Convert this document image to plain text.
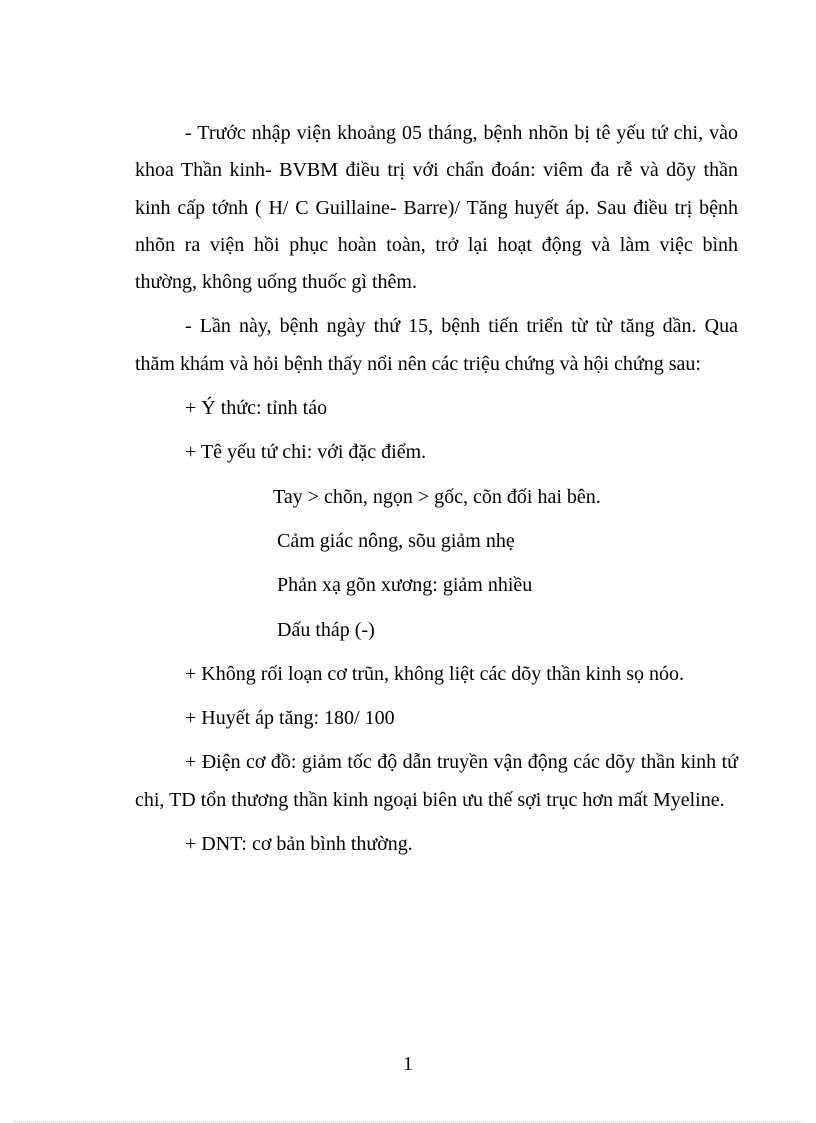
- Trước nhập viện khoảng 05 tháng, bệnh nhõn bị tê yếu tứ chi, vào khoa Thần kinh- BVBM điều trị với chẩn đoán: viêm đa rễ và dõy thần kinh cấp tớnh ( H/ C Guillaine- Barre)/ Tăng huyết áp. Sau điều trị bệnh nhõn ra viện hồi phục hoàn toàn, trở lại hoạt động và làm việc bình thường, không uống thuốc gì thêm.

- Lần này, bệnh ngày thứ 15, bệnh tiến triển từ từ tăng dần. Qua thăm khám và hỏi bệnh thấy nổi nên các triệu chứng và hội chứng sau:

+ Ý thức: tỉnh táo

+ Tê yếu tứ chi: với đặc điểm.

Tay > chõn, ngọn > gốc, cõn đối hai bên.

Cảm giác nông, sõu giảm nhẹ

Phản xạ gõn xương: giảm nhiều

Dấu tháp (-)

+ Không rối loạn cơ trũn, không liệt các dõy thần kinh sọ nóo.

+ Huyết áp tăng: 180/ 100

+ Điện cơ đồ: giảm tốc độ dẫn truyền vận động các dõy thần kinh tứ chi, TD tổn thương thần kinh ngoại biên ưu thế sợi trục hơn mất Myeline.

+ DNT: cơ bản bình thường.

1
